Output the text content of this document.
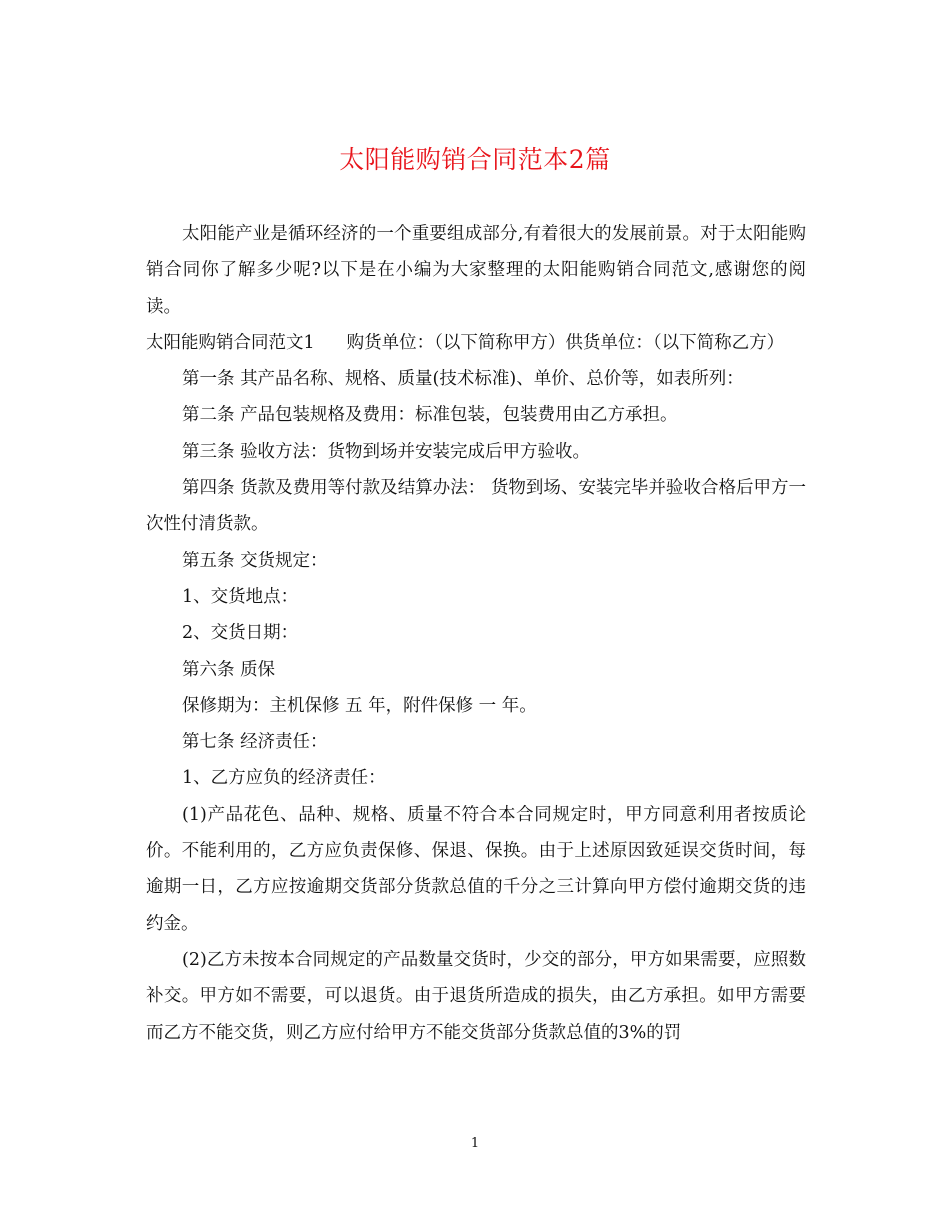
太阳能购销合同范本2篇

太阳能产业是循环经济的一个重要组成部分,有着很大的发展前景。对于太阳能购销合同你了解多少呢?以下是在小编为大家整理的太阳能购销合同范文,感谢您的阅读。

太阳能购销合同范文1 购货单位：（以下简称甲方）供货单位：（以下简称乙方）

第一条 其产品名称、规格、质量(技术标准)、单价、总价等，如表所列：

第二条 产品包装规格及费用：标准包装，包装费用由乙方承担。

第三条 验收方法：货物到场并安装完成后甲方验收。

第四条 货款及费用等付款及结算办法： 货物到场、安装完毕并验收合格后甲方一次性付清货款。

第五条 交货规定：

1、交货地点：

2、交货日期：

第六条 质保

保修期为：主机保修 五 年，附件保修 一 年。

第七条 经济责任：

1、乙方应负的经济责任：

(1)产品花色、品种、规格、质量不符合本合同规定时，甲方同意利用者按质论价。不能利用的，乙方应负责保修、保退、保换。由于上述原因致延误交货时间，每逾期一日，乙方应按逾期交货部分货款总值的千分之三计算向甲方偿付逾期交货的违约金。

(2)乙方未按本合同规定的产品数量交货时，少交的部分，甲方如果需要，应照数补交。甲方如不需要，可以退货。由于退货所造成的损失，由乙方承担。如甲方需要而乙方不能交货，则乙方应付给甲方不能交货部分货款总值的3%的罚

1
